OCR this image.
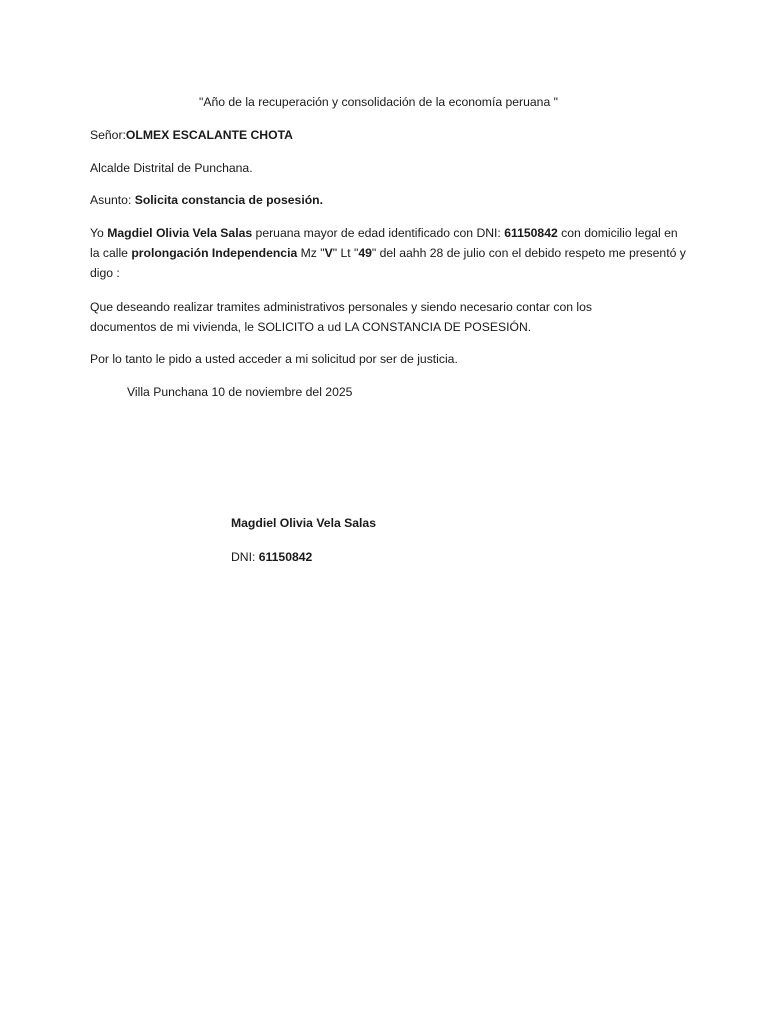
"Año de la recuperación y consolidación de la economía peruana "
Señor:OLMEX ESCALANTE CHOTA
Alcalde Distrital de Punchana.
Asunto: Solicita constancia de posesión.
Yo Magdiel Olivia Vela Salas peruana mayor de edad identificado con DNI: 61150842 con domicilio legal en la calle prolongación Independencia Mz "V" Lt "49" del aahh 28 de julio con el debido respeto me presentó y digo :
Que deseando realizar tramites administrativos personales y siendo necesario contar con los documentos de mi vivienda, le SOLICITO a ud LA CONSTANCIA DE POSESIÓN.
Por lo tanto le pido a usted acceder a mi solicitud por ser de justicia.
Villa Punchana 10 de noviembre del 2025
Magdiel Olivia Vela Salas
DNI: 61150842
